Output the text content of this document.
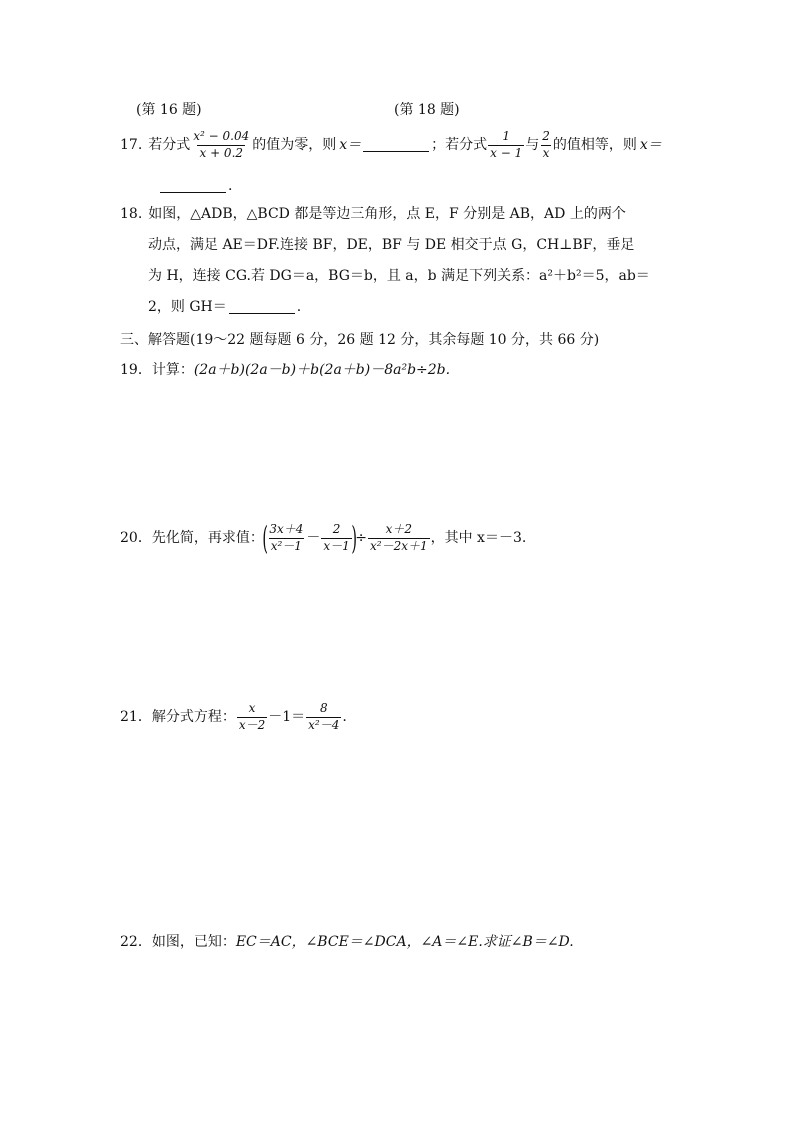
(第 16 题)	(第 18 题)
17. 若分式 $\frac{\text{x² − 0.04}}{x + 0.2}$ 的值为零，则 x＝	；若分式 $\frac{1}{x - 1}$ 与 $\frac{2}{x}$ 的值相等，则 x＝
.
18. 如图，△ADB，△BCD 都是等边三角形，点 E，F 分别是 AB，AD 上的两个
动点，满足 AE＝DF.连接 BF，DE，BF 与 DE 相交于点 G，CH⊥BF，垂足
为 H，连接 CG.若 DG＝a，BG＝b，且 a，b 满足下列关系：a²＋b²＝5，ab＝
2，则 GH＝	.
三、解答题(19～22 题每题 6 分，26 题 12 分，其余每题 10 分，共 66 分)
19．计算： (2a＋b)(2a－b)＋b(2a＋b)－8a²b÷2b.
20．先化简，再求值：
( $\frac{3x+4}{\text{x²－1}} - \frac{2}{x-1}$ )
÷ $\frac{x+2}{\text{x²－2x＋1}}$ ，其中 x＝－3.
21．解分式方程： $\frac{x}{x-2} -1= \frac{8}{\text{x²－4}}$ .
22．如图，已知： EC＝AC，∠BCE＝∠DCA，∠A＝∠E.求证∠B＝∠D.
